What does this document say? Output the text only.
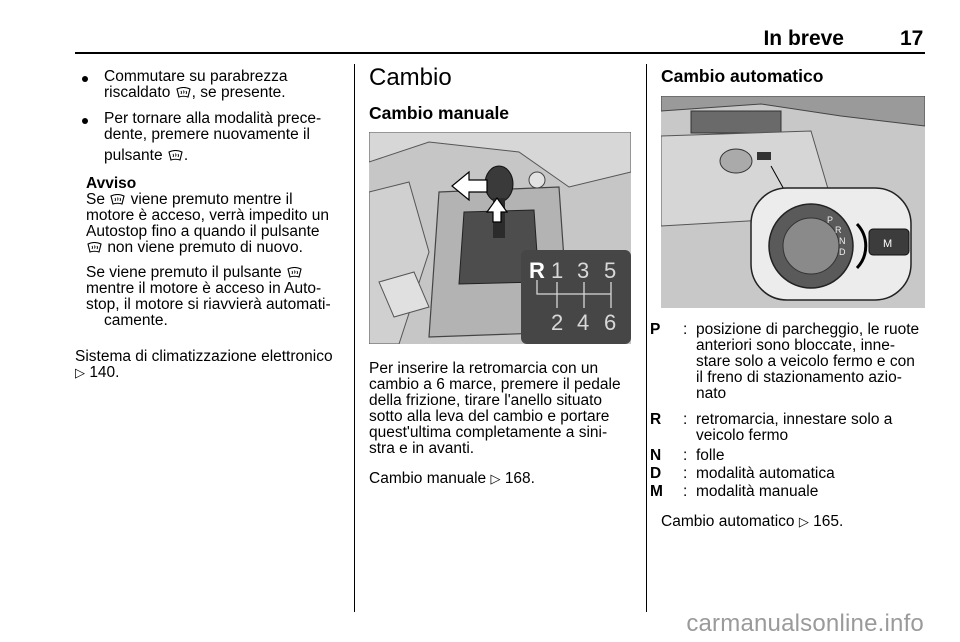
In breve	17
Commutare su parabrezza
riscaldato , se presente.
Per tornare alla modalità prece-
dente, premere nuovamente il
pulsante .
Avviso
Se viene premuto mentre il
motore è acceso, verrà impedito un
Autostop fino a quando il pulsante
non viene premuto di nuovo.
Se viene premuto il pulsante
mentre il motore è acceso in Auto-
stop, il motore si riavvierà automati-
camente.
Sistema di climatizzazione elettronico
▷ 140.
Cambio
Cambio manuale
R 1 3 5
2 4 6
Per inserire la retromarcia con un
cambio a 6 marce, premere il pedale
della frizione, tirare l'anello situato
sotto alla leva del cambio e portare
quest'ultima completamente a sini-
stra e in avanti.
Cambio manuale ▷ 168.
Cambio automatico
M
P
R
N
D
P : posizione di parcheggio, le ruote
anteriori sono bloccate, inne-
stare solo a veicolo fermo e con
il freno di stazionamento azio-
nato
R : retromarcia, innestare solo a
veicolo fermo
N : folle
D : modalità automatica
M : modalità manuale
Cambio automatico ▷ 165.
carmanualsonline.info
